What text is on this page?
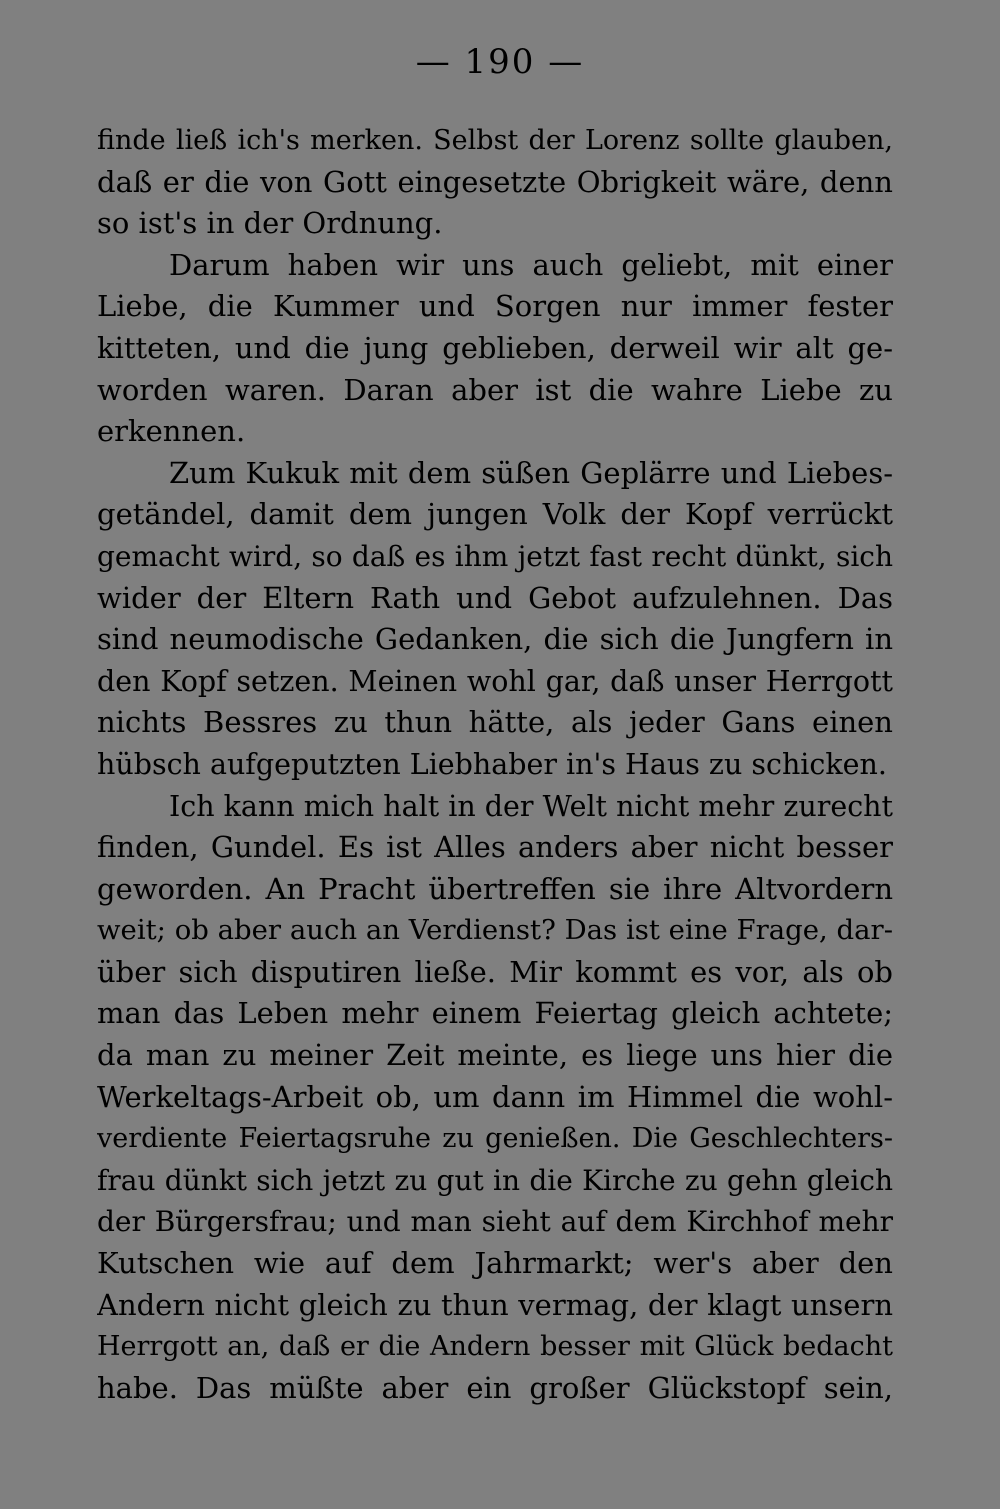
— 190 —
finde ließ ich's merken. Selbst der Lorenz sollte glauben,
daß er die von Gott eingesetzte Obrigkeit wäre, denn
so ist's in der Ordnung.
Darum haben wir uns auch geliebt, mit einer
Liebe, die Kummer und Sorgen nur immer fester
kitteten, und die jung geblieben, derweil wir alt ge-
worden waren. Daran aber ist die wahre Liebe zu
erkennen.
Zum Kukuk mit dem süßen Geplärre und Liebes-
getändel, damit dem jungen Volk der Kopf verrückt
gemacht wird, so daß es ihm jetzt fast recht dünkt, sich
wider der Eltern Rath und Gebot aufzulehnen. Das
sind neumodische Gedanken, die sich die Jungfern in
den Kopf setzen. Meinen wohl gar, daß unser Herrgott
nichts Bessres zu thun hätte, als jeder Gans einen
hübsch aufgeputzten Liebhaber in's Haus zu schicken.
Ich kann mich halt in der Welt nicht mehr zurecht
finden, Gundel. Es ist Alles anders aber nicht besser
geworden. An Pracht übertreffen sie ihre Altvordern
weit; ob aber auch an Verdienst? Das ist eine Frage, dar-
über sich disputiren ließe. Mir kommt es vor, als ob
man das Leben mehr einem Feiertag gleich achtete;
da man zu meiner Zeit meinte, es liege uns hier die
Werkeltags-Arbeit ob, um dann im Himmel die wohl-
verdiente Feiertagsruhe zu genießen. Die Geschlechters-
frau dünkt sich jetzt zu gut in die Kirche zu gehn gleich
der Bürgersfrau; und man sieht auf dem Kirchhof mehr
Kutschen wie auf dem Jahrmarkt; wer's aber den
Andern nicht gleich zu thun vermag, der klagt unsern
Herrgott an, daß er die Andern besser mit Glück bedacht
habe. Das müßte aber ein großer Glückstopf sein,
